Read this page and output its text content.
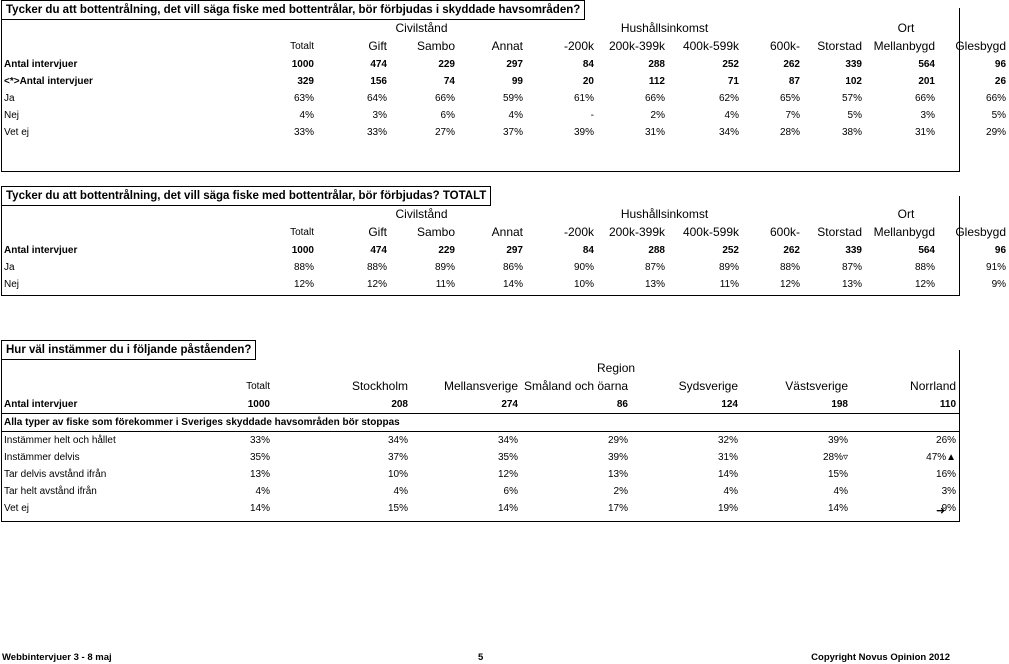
Tycker du att bottentrålning, det vill säga fiske med bottentrålar, bör förbjudas i skyddade havsområden?
		Civilstånd			Hushållsinkomst				Ort		
	Totalt	Gift	Sambo	Annat	-200k	200k-399k	400k-599k	600k-	Storstad	Mellanbygd	Glesbygd
Antal intervjuer	1000	474	229	297	84	288	252	262	339	564	96
<*>Antal intervjuer	329	156	74	99	20	112	71	87	102	201	26
Ja	63%	64%	66%	59%	61%	66%	62%	65%	57%	66%	66%
Nej	4%	3%	6%	4%	-	2%	4%	7%	5%	3%	5%
Vet ej	33%	33%	27%	37%	39%	31%	34%	28%	38%	31%	29%
Tycker du att bottentrålning, det vill säga fiske med bottentrålar, bör förbjudas? TOTALT
		Civilstånd			Hushållsinkomst				Ort		
	Totalt	Gift	Sambo	Annat	-200k	200k-399k	400k-599k	600k-	Storstad	Mellanbygd	Glesbygd
Antal intervjuer	1000	474	229	297	84	288	252	262	339	564	96
Ja	88%	88%	89%	86%	90%	87%	89%	88%	87%	88%	91%
Nej	12%	12%	11%	14%	10%	13%	11%	12%	13%	12%	9%
Hur väl instämmer du i följande påståenden?
		Region					
	Totalt	Stockholm	Mellansverige	Småland och öarna	Sydsverige	Västsverige	Norrland
Antal intervjuer	1000	208	274	86	124	198	110
Alla typer av fiske som förekommer i Sveriges skyddade havsområden bör stoppas							
Instämmer helt och hållet	33%	34%	34%	29%	32%	39%	26%
Instämmer delvis	35%	37%	35%	39%	31%	28%▿	47%▲
Tar delvis avstånd ifrån	13%	10%	12%	13%	14%	15%	16%
Tar helt avstånd ifrån	4%	4%	6%	2%	4%	4%	3%
Vet ej	14%	15%	14%	17%	19%	14%	9%
➜
Webbintervjuer 3 - 8 maj	5	Copyright Novus Opinion 2012
